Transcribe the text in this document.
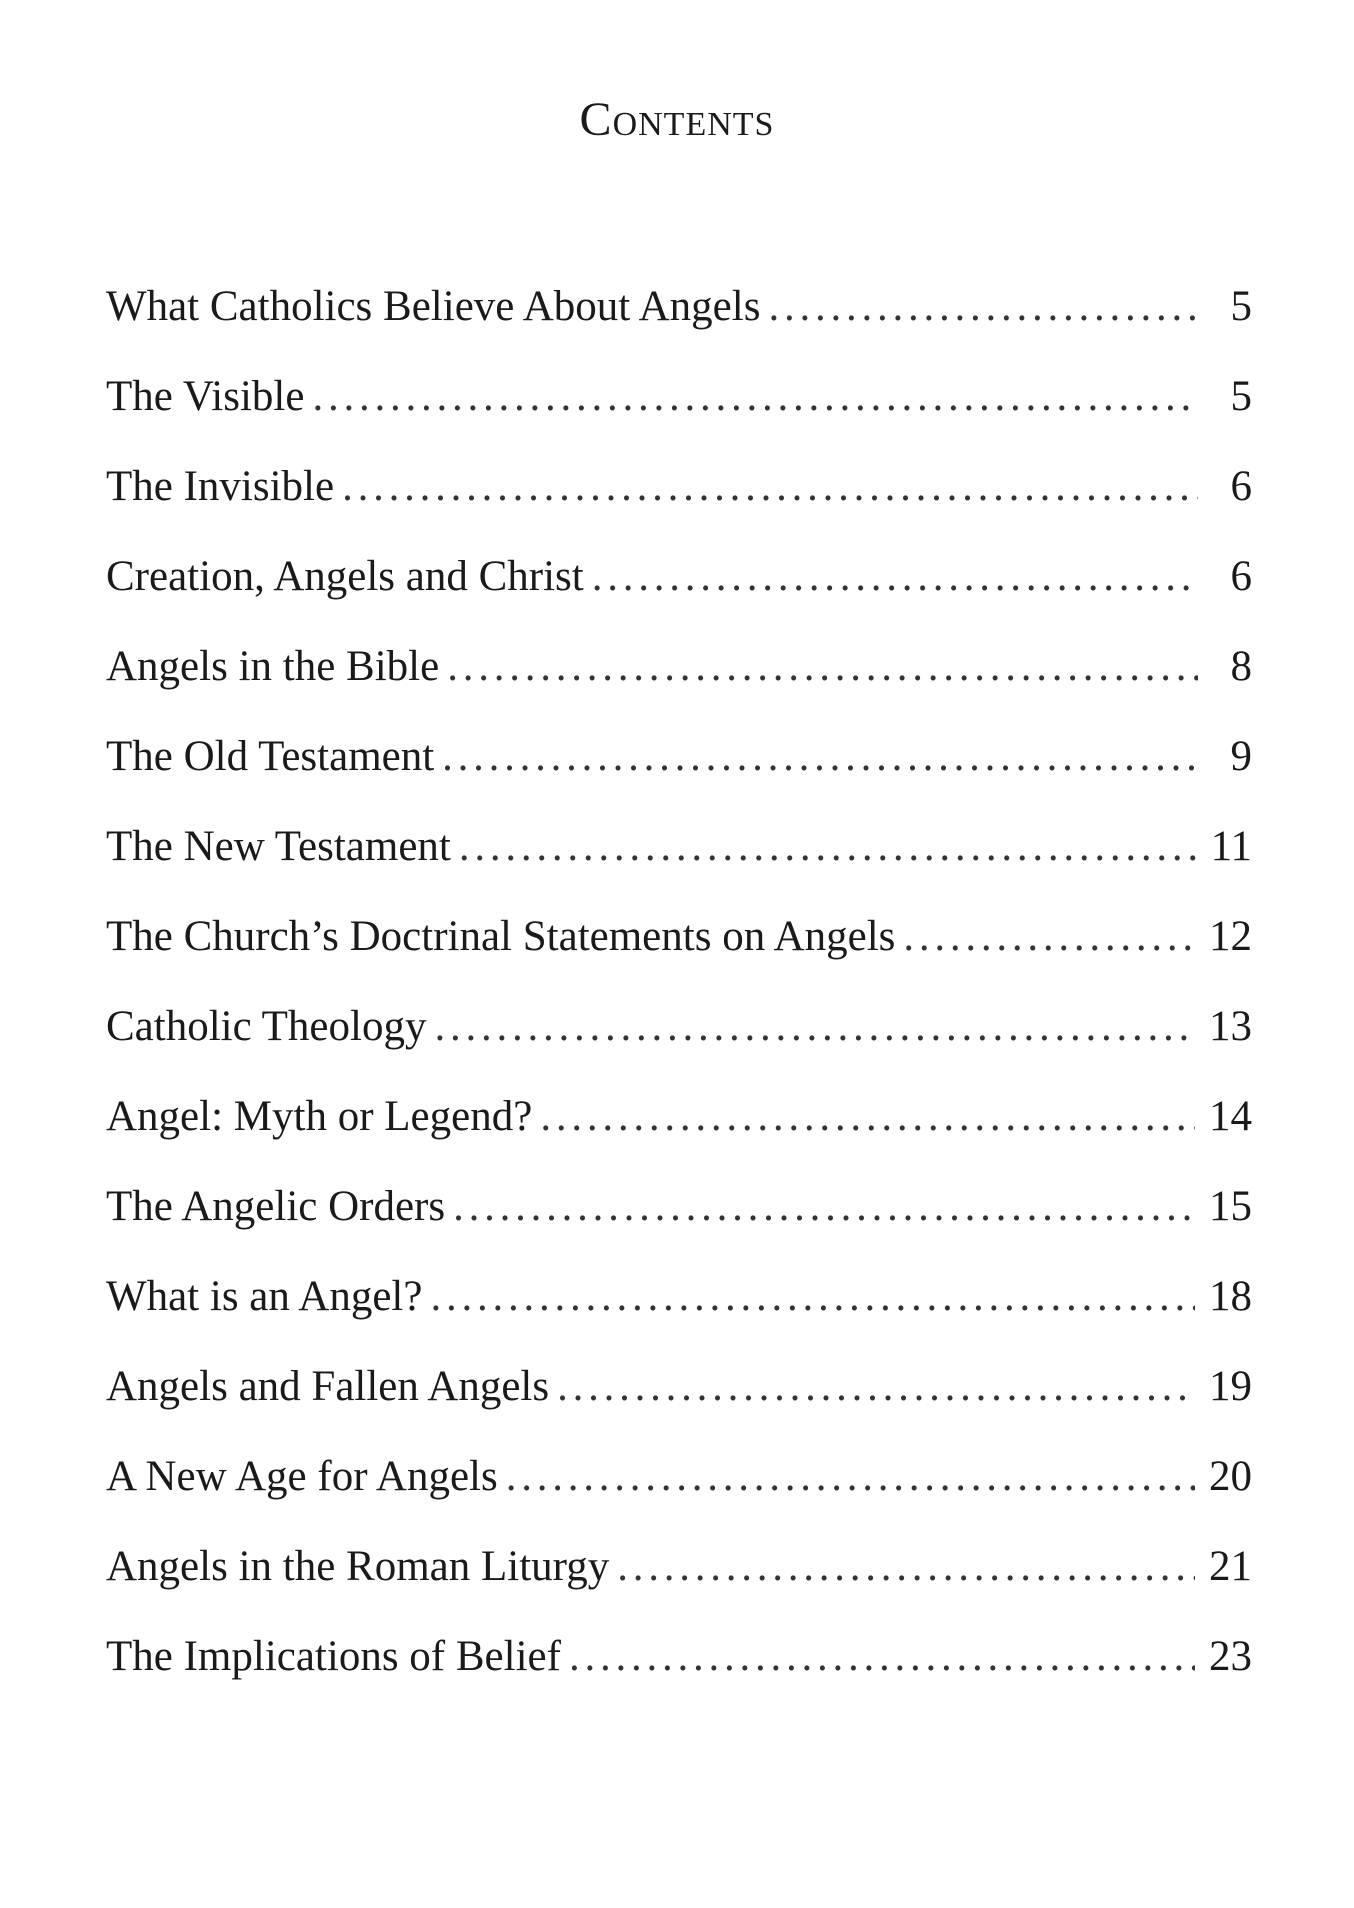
Contents
What Catholics Believe About Angels . . .	5
The Visible . . .	5
The Invisible . . .	6
Creation, Angels and Christ . . .	6
Angels in the Bible . . .	8
The Old Testament . . .	9
The New Testament . . .	11
The Church’s Doctrinal Statements on Angels . . .	12
Catholic Theology . . .	13
Angel: Myth or Legend? . . .	14
The Angelic Orders . . .	15
What is an Angel? . . .	18
Angels and Fallen Angels . . .	19
A New Age for Angels . . .	20
Angels in the Roman Liturgy . . .	21
The Implications of Belief . . .	23
